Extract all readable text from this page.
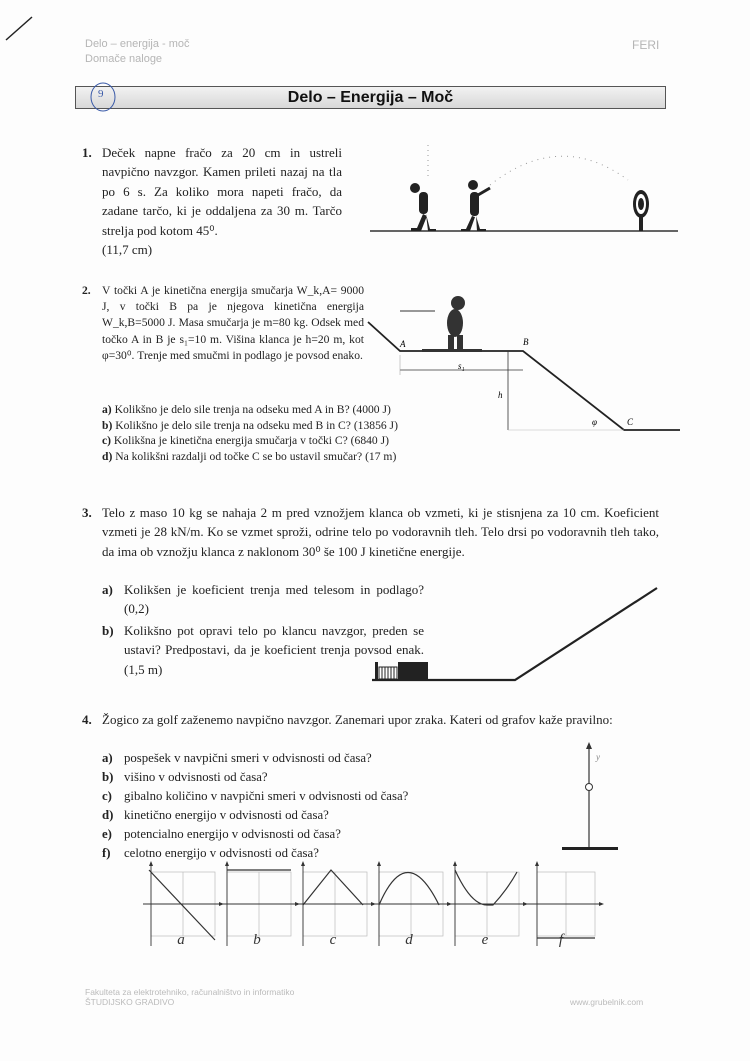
Delo – energija - moč
Domače naloge
FERI
Delo – Energija – Moč
9
1. Deček napne fračo za 20 cm in ustreli navpično navzgor. Kamen prileti nazaj na tla po 6 s. Za koliko mora napeti fračo, da zadane tarčo, ki je oddaljena za 30 m. Tarčo strelja pod kotom 45⁰.
(11,7 cm)
2. V točki A je kinetična energija smučarja W_k,A= 9000 J, v točki B pa je njegova kinetična energija W_k,B=5000 J. Masa smučarja je m=80 kg. Odsek med točko A in B je s₁=10 m. Višina klanca je h=20 m, kot φ=30⁰. Trenje med smučmi in podlago je povsod enako.
a) Kolikšno je delo sile trenja na odseku med A in B? (4000 J)
b) Kolikšno je delo sile trenja na odseku med B in C? (13856 J)
c) Kolikšna je kinetična energija smučarja v točki C? (6840 J)
d) Na kolikšni razdalji od točke C se bo ustavil smučar? (17 m)
A	B
C
s₁
h
φ
3. Telo z maso 10 kg se nahaja 2 m pred vznožjem klanca ob vzmeti, ki je stisnjena za 10 cm. Koeficient vzmeti je 28 kN/m. Ko se vzmet sproži, odrine telo po vodoravnih tleh. Telo drsi po vodoravnih tleh tako, da ima ob vznožju klanca z naklonom 30⁰ še 100 J kinetične energije.
a) Kolikšen je koeficient trenja med telesom in podlago? (0,2)
b) Kolikšno pot opravi telo po klancu navzgor, preden se ustavi? Predpostavi, da je koeficient trenja povsod enak. (1,5 m)
4. Žogico za golf zaženemo navpično navzgor. Zanemari upor zraka. Kateri od grafov kaže pravilno:
a) pospešek v navpični smeri v odvisnosti od časa?
b) višino v odvisnosti od časa?
c) gibalno količino v navpični smeri v odvisnosti od časa?
d) kinetično energijo v odvisnosti od časa?
e) potencialno energijo v odvisnosti od časa?
f) celotno energijo v odvisnosti od časa?
y
a	b	c	d	e	f
Fakulteta za elektrotehniko, računalništvo in informatiko
ŠTUDIJSKO GRADIVO	www.grubelnik.com
